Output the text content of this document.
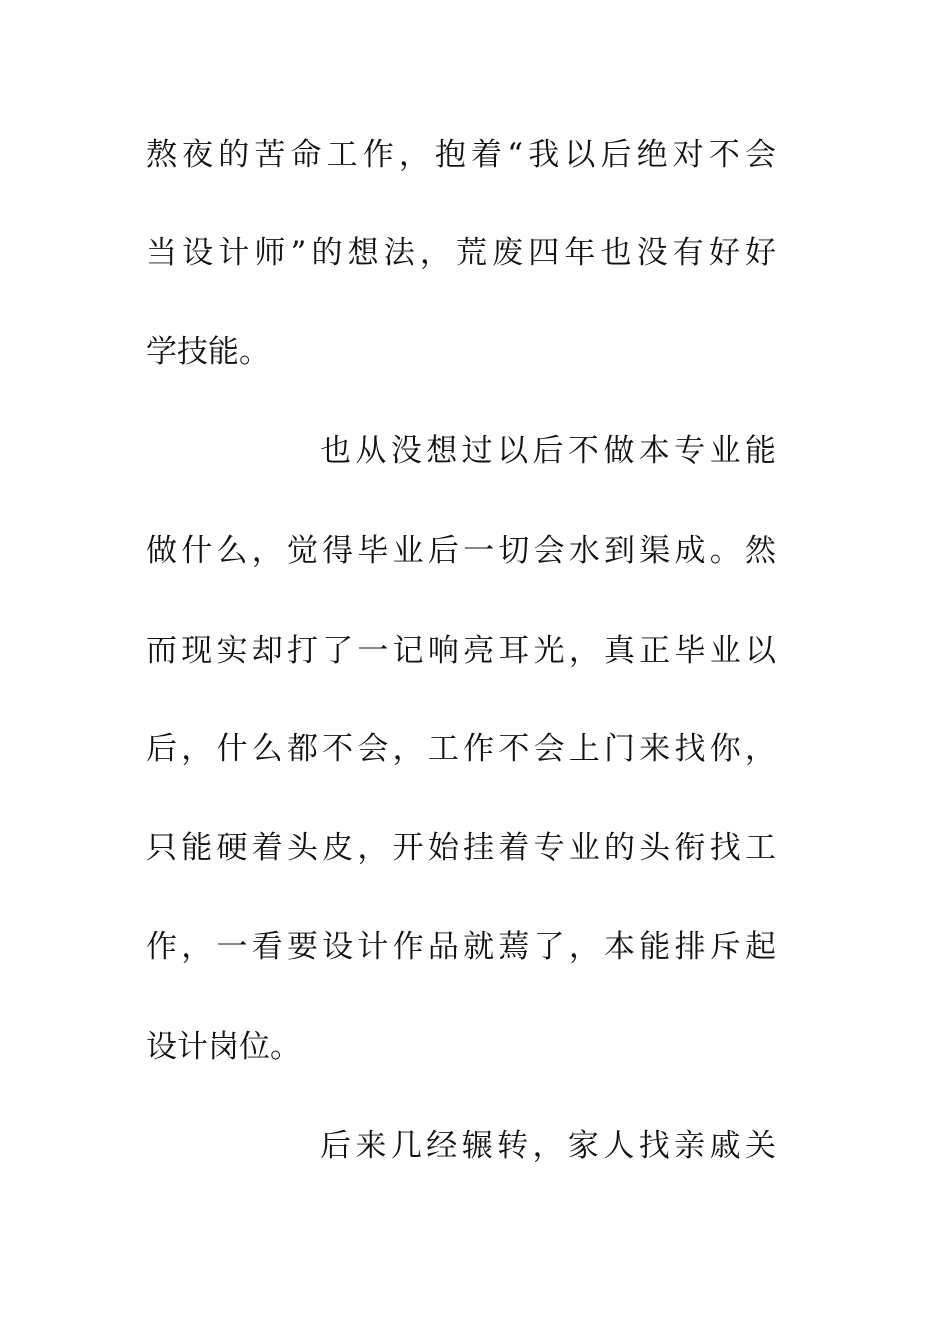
熬夜的苦命工作，抱着“我以后绝对不会
当设计师”的想法，荒废四年也没有好好
学技能。
也从没想过以后不做本专业能
做什么，觉得毕业后一切会水到渠成。然
而现实却打了一记响亮耳光，真正毕业以
后，什么都不会，工作不会上门来找你，
只能硬着头皮，开始挂着专业的头衔找工
作，一看要设计作品就蔫了，本能排斥起
设计岗位。
后来几经辗转，家人找亲戚关
